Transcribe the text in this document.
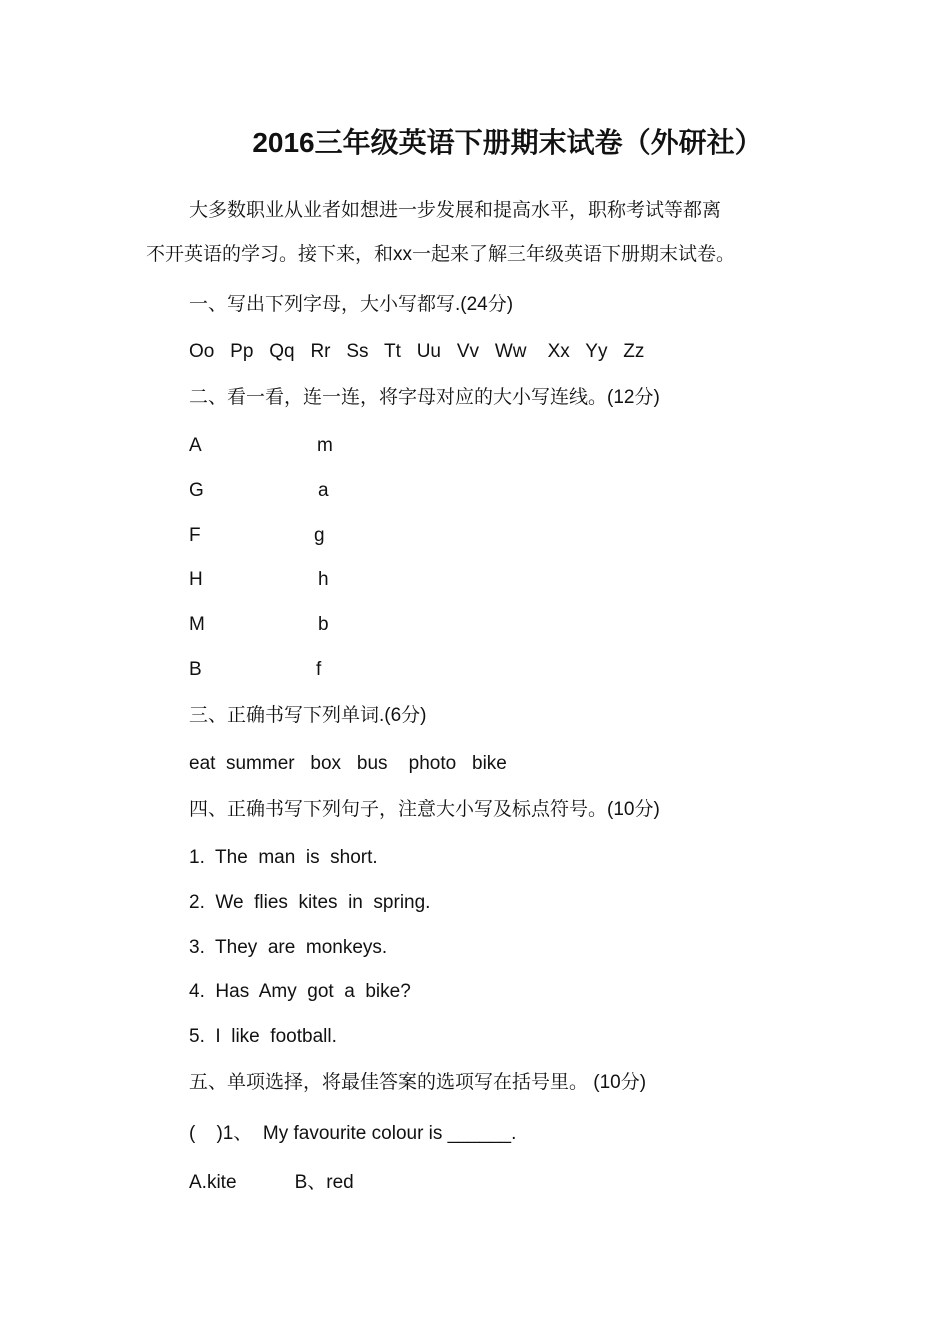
2016三年级英语下册期末试卷（外研社）
大多数职业从业者如想进一步发展和提高水平，职称考试等都离
不开英语的学习。接下来，和xx一起来了解三年级英语下册期末试卷。
一、写出下列字母，大小写都写.(24分)
Oo   Pp   Qq   Rr   Ss   Tt   Uu   Vv   Ww    Xx   Yy   Zz
二、看一看，连一连，将字母对应的大小写连线。(12分)
A	m
G	a
F	g
H	h
M	b
B	f
三、正确书写下列单词.(6分)
eat  summer   box   bus    photo   bike
四、正确书写下列句子，注意大小写及标点符号。(10分)
1.  The  man  is  short.
2.  We  flies  kites  in  spring.
3.  They  are  monkeys.
4.  Has  Amy  got  a  bike?
5.  I  like  football.
五、单项选择，将最佳答案的选项写在括号里。 (10分)
(    )1、  My favourite colour is ______.
A.kite           B、red
